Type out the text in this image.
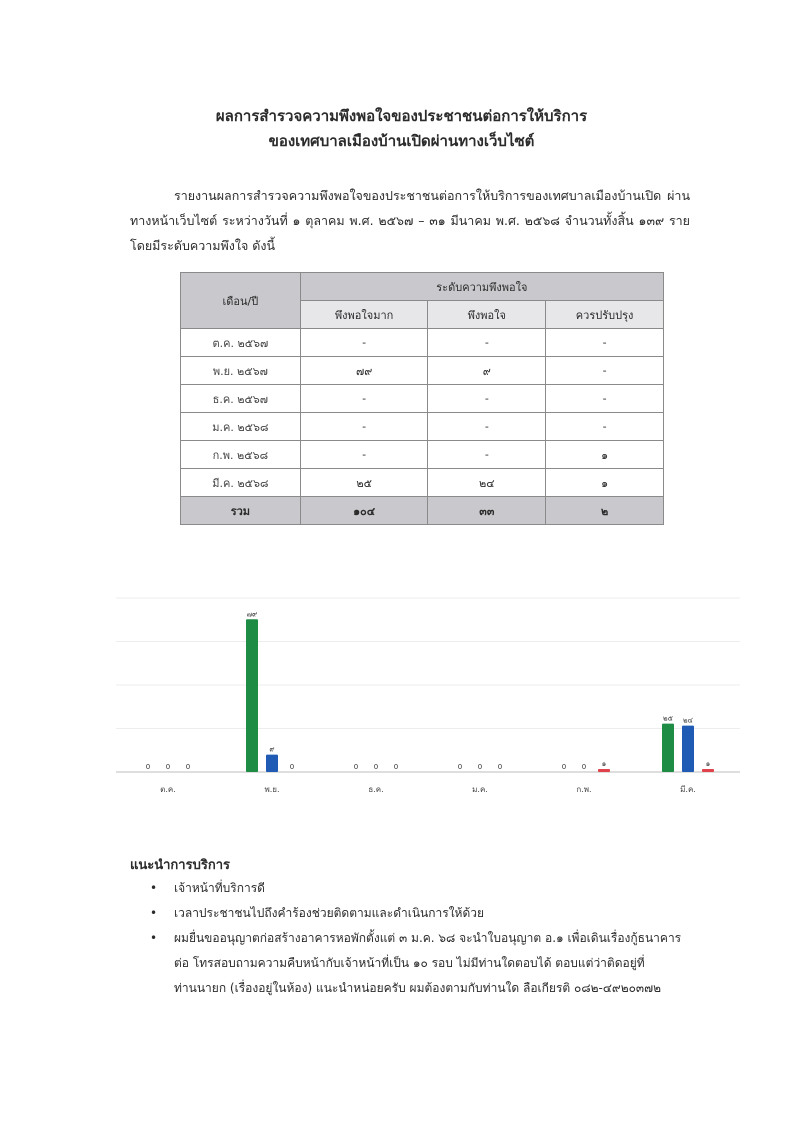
ผลการสำรวจความพึงพอใจของประชาชนต่อการให้บริการ
ของเทศบาลเมืองบ้านเปิดผ่านทางเว็บไซต์
รายงานผลการสำรวจความพึงพอใจของประชาชนต่อการให้บริการของเทศบาลเมืองบ้านเปิด ผ่านทางหน้าเว็บไซต์ ระหว่างวันที่ ๑ ตุลาคม พ.ศ. ๒๕๖๗ – ๓๑ มีนาคม พ.ศ. ๒๕๖๘ จำนวนทั้งสิ้น ๑๓๙ ราย โดยมีระดับความพึงใจ ดังนี้
เดือน/ปี	ระดับความพึงพอใจ		
	พึงพอใจมาก	พึงพอใจ	ควรปรับปรุง
ต.ค. ๒๕๖๗	-	-	-
พ.ย. ๒๕๖๗	๗๙	๙	-
ธ.ค. ๒๕๖๗	-	-	-
ม.ค. ๒๕๖๘	-	-	-
ก.พ. ๒๕๖๘	-	-	๑
มี.ค. ๒๕๖๘	๒๕	๒๔	๑
รวม	๑๐๔	๓๓	๒
0 0 0
ต.ค.
๗๙
๙
0
พ.ย.
0 0 0
ธ.ค.
0 0 0
ม.ค.
0 0 ๑
ก.พ.
๒๕ ๒๔
๑
มี.ค.
แนะนำการบริการ
• เจ้าหน้าที่บริการดี
• เวลาประชาชนไปถึงคำร้องช่วยติดตามและดำเนินการให้ด้วย
• ผมยื่นขออนุญาตก่อสร้างอาคารหอพักตั้งแต่ ๓ ม.ค. ๖๘ จะนำใบอนุญาต อ.๑ เพื่อเดินเรื่องกู้ธนาคาร
ต่อ โทรสอบถามความคืบหน้ากับเจ้าหน้าที่เป็น ๑๐ รอบ ไม่มีท่านใดตอบได้ ตอบแต่ว่าติดอยู่ที่
ท่านนายก (เรื่องอยู่ในห้อง) แนะนำหน่อยครับ ผมต้องตามกับท่านใด ลือเกียรติ ๐๘๒-๔๙๒๐๓๗๒
